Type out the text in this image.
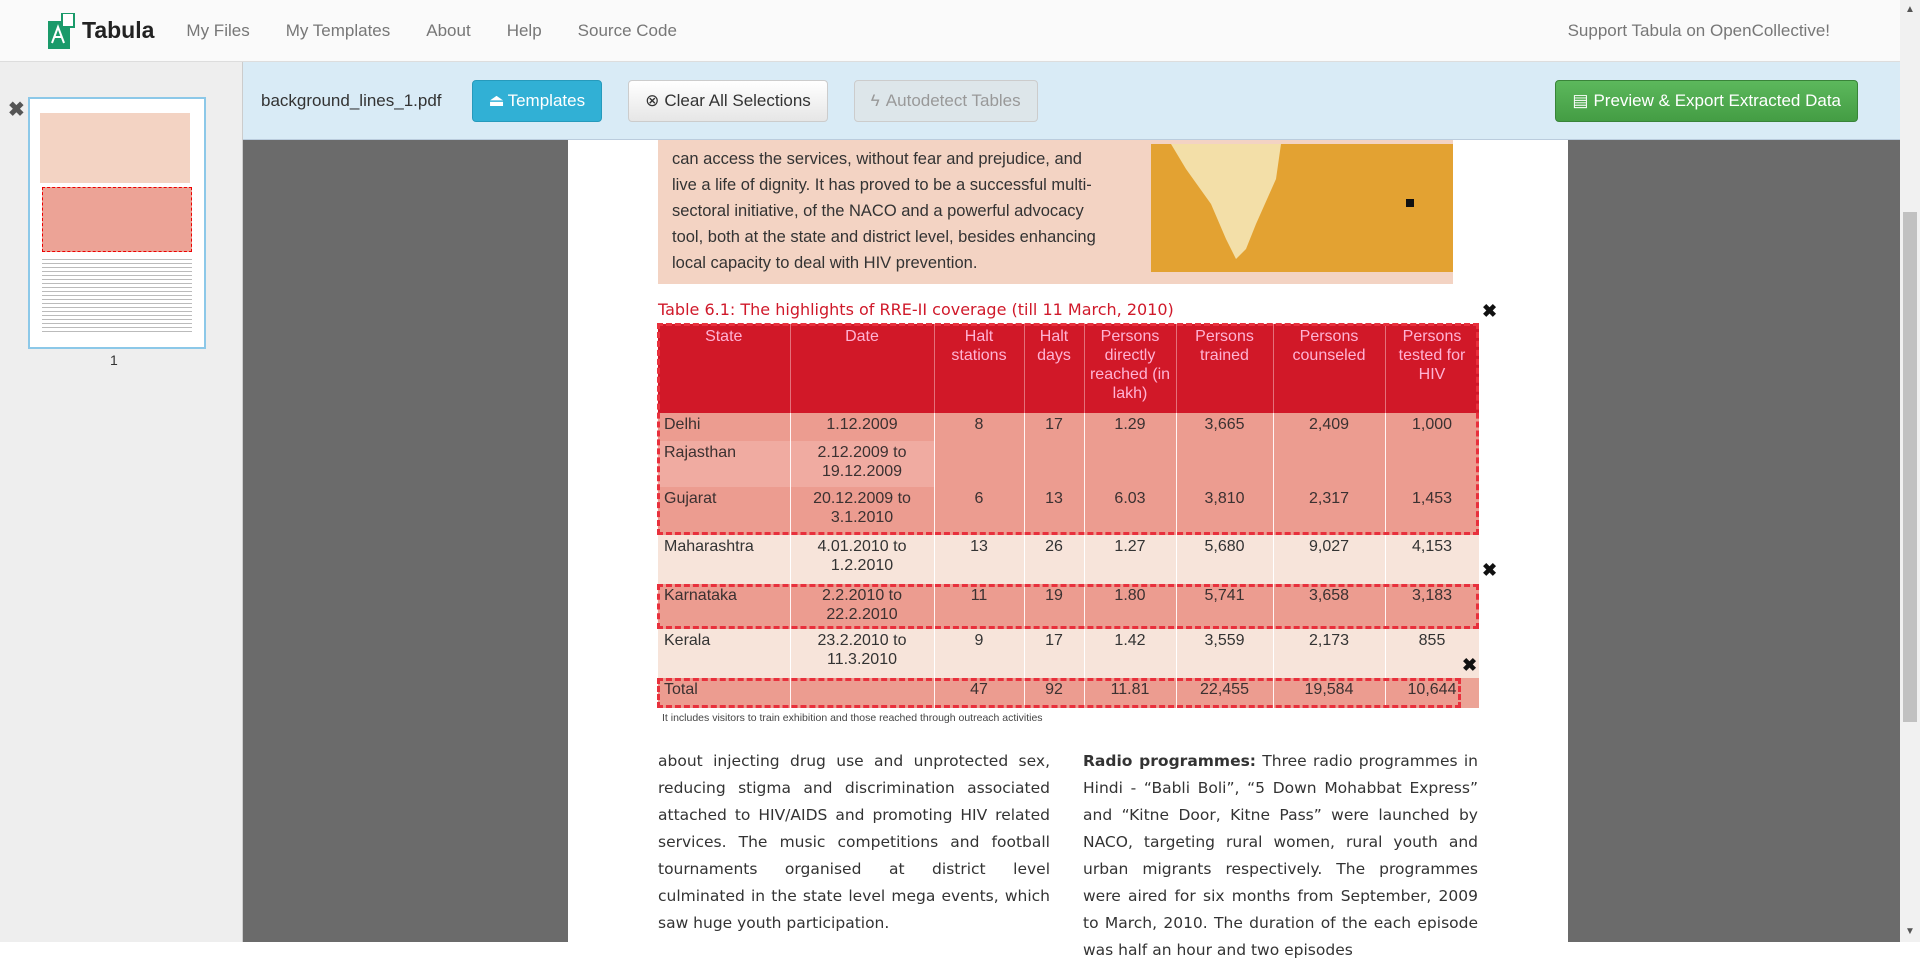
Tabula My Files My Templates About Help Source Code	Support Tabula on OpenCollective!
✖
1
background_lines_1.pdf	⏏ Templates	⊗ Clear All Selections	ϟ Autodetect Tables	▤ Preview & Export Extracted Data
can access the services, without fear and prejudice, and
live a life of dignity. It has proved to be a successful multi-
sectoral initiative, of the NACO and a powerful advocacy
tool, both at the state and district level, besides enhancing
local capacity to deal with HIV prevention.
Table 6.1: The highlights of RRE-II coverage (till 11 March, 2010)
State	Date	Halt stations	Halt days	Persons directly reached (in lakh)	Persons trained	Persons counseled	Persons tested for HIV
Delhi	1.12.2009	8	17	1.29	3,665	2,409	1,000
Rajasthan	2.12.2009 to 19.12.2009						
Gujarat	20.12.2009 to 3.1.2010	6	13	6.03	3,810	2,317	1,453
Maharashtra	4.01.2010 to 1.2.2010	13	26	1.27	5,680	9,027	4,153
Karnataka	2.2.2010 to 22.2.2010	11	19	1.80	5,741	3,658	3,183
Kerala	23.2.2010 to 11.3.2010	9	17	1.42	3,559	2,173	855
Total		47	92	11.81	22,455	19,584	10,644
✖
✖
✖
It includes visitors to train exhibition and those reached through outreach activities
about injecting drug use and unprotected sex, reducing stigma and discrimination associated attached to HIV/AIDS and promoting HIV related services. The music competitions and football tournaments organised at district level culminated in the state level mega events, which saw huge youth participation.
Radio programmes: Three radio programmes in Hindi - “Babli Boli”, “5 Down Mohabbat Express” and “Kitne Door, Kitne Pass” were launched by NACO, targeting rural women, rural youth and urban migrants respectively. The programmes were aired for six months from September, 2009 to March, 2010. The duration of the each episode was half an hour and two episodes
▲
▼
